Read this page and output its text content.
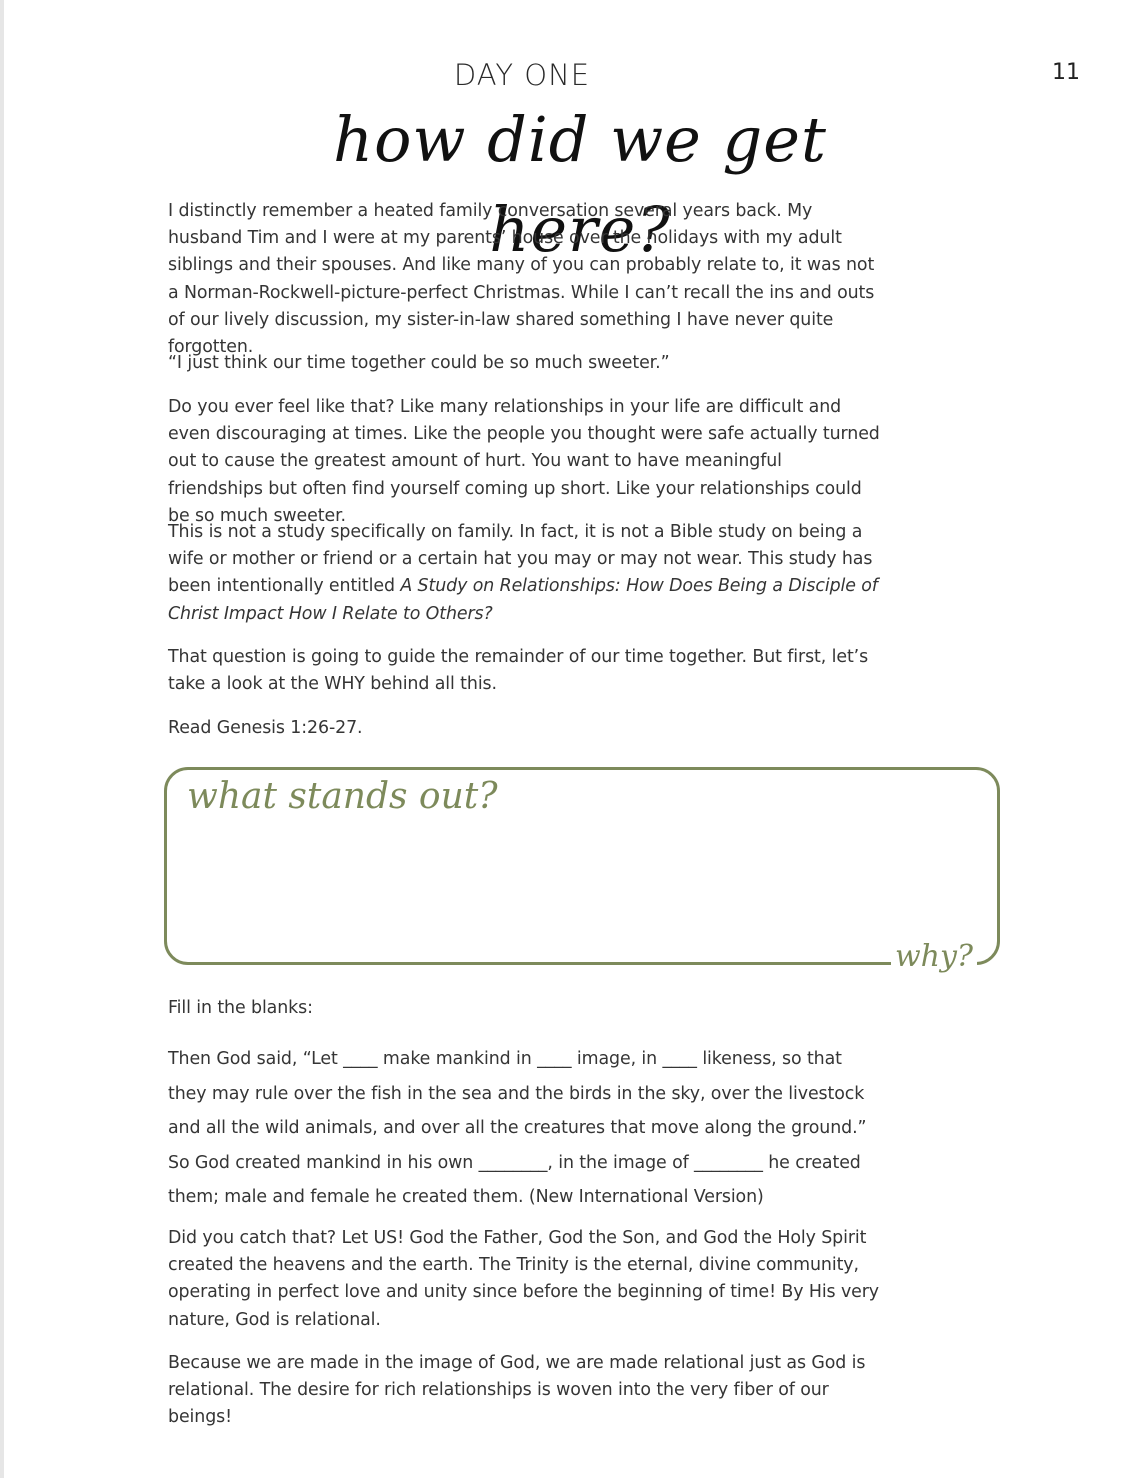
11
DAY ONE
how did we get here?

I distinctly remember a heated family conversation several years back. My husband Tim and I were at my parents’ house over the holidays with my adult siblings and their spouses. And like many of you can probably relate to, it was not a Norman-Rockwell-picture-perfect Christmas. While I can’t recall the ins and outs of our lively discussion, my sister-in-law shared something I have never quite forgotten.

“I just think our time together could be so much sweeter.”

Do you ever feel like that? Like many relationships in your life are difficult and even discouraging at times. Like the people you thought were safe actually turned out to cause the greatest amount of hurt. You want to have meaningful friendships but often find yourself coming up short. Like your relationships could be so much sweeter.

This is not a study specifically on family. In fact, it is not a Bible study on being a wife or mother or friend or a certain hat you may or may not wear. This study has been intentionally entitled A Study on Relationships: How Does Being a Disciple of Christ Impact How I Relate to Others?

That question is going to guide the remainder of our time together. But first, let’s take a look at the WHY behind all this.

Read Genesis 1:26-27.

what stands out?
why?

Fill in the blanks:

Then God said, “Let ____ make mankind in ____ image, in ____ likeness, so that they may rule over the fish in the sea and the birds in the sky, over the livestock and all the wild animals, and over all the creatures that move along the ground.” So God created mankind in his own ________, in the image of ________ he created them; male and female he created them. (New International Version)

Did you catch that? Let US! God the Father, God the Son, and God the Holy Spirit created the heavens and the earth. The Trinity is the eternal, divine community, operating in perfect love and unity since before the beginning of time! By His very nature, God is relational.

Because we are made in the image of God, we are made relational just as God is relational. The desire for rich relationships is woven into the very fiber of our beings!
